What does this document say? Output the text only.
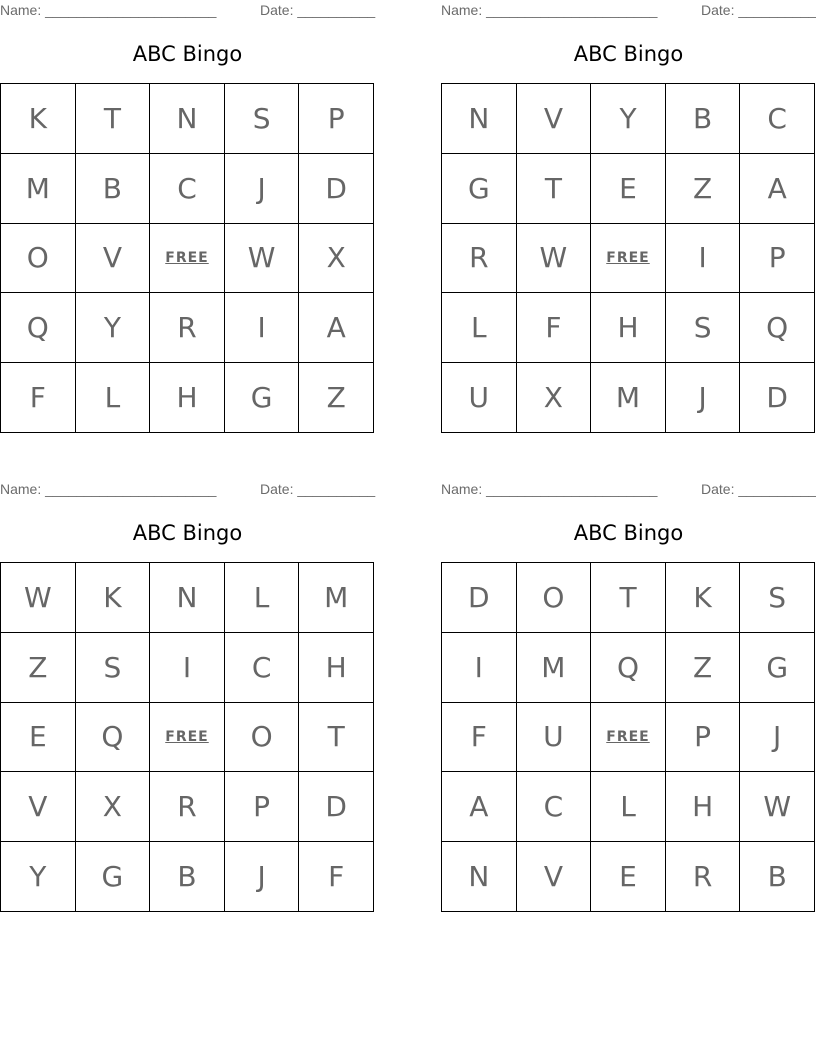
Name: ______________________	Date: __________
ABC Bingo
K	T	N	S	P
M	B	C	J	D
O	V	FREE	W	X
Q	Y	R	I	A
F	L	H	G	Z
Name: ______________________	Date: __________
ABC Bingo
N	V	Y	B	C
G	T	E	Z	A
R	W	FREE	I	P
L	F	H	S	Q
U	X	M	J	D
Name: ______________________	Date: __________
ABC Bingo
W	K	N	L	M
Z	S	I	C	H
E	Q	FREE	O	T
V	X	R	P	D
Y	G	B	J	F
Name: ______________________	Date: __________
ABC Bingo
D	O	T	K	S
I	M	Q	Z	G
F	U	FREE	P	J
A	C	L	H	W
N	V	E	R	B
